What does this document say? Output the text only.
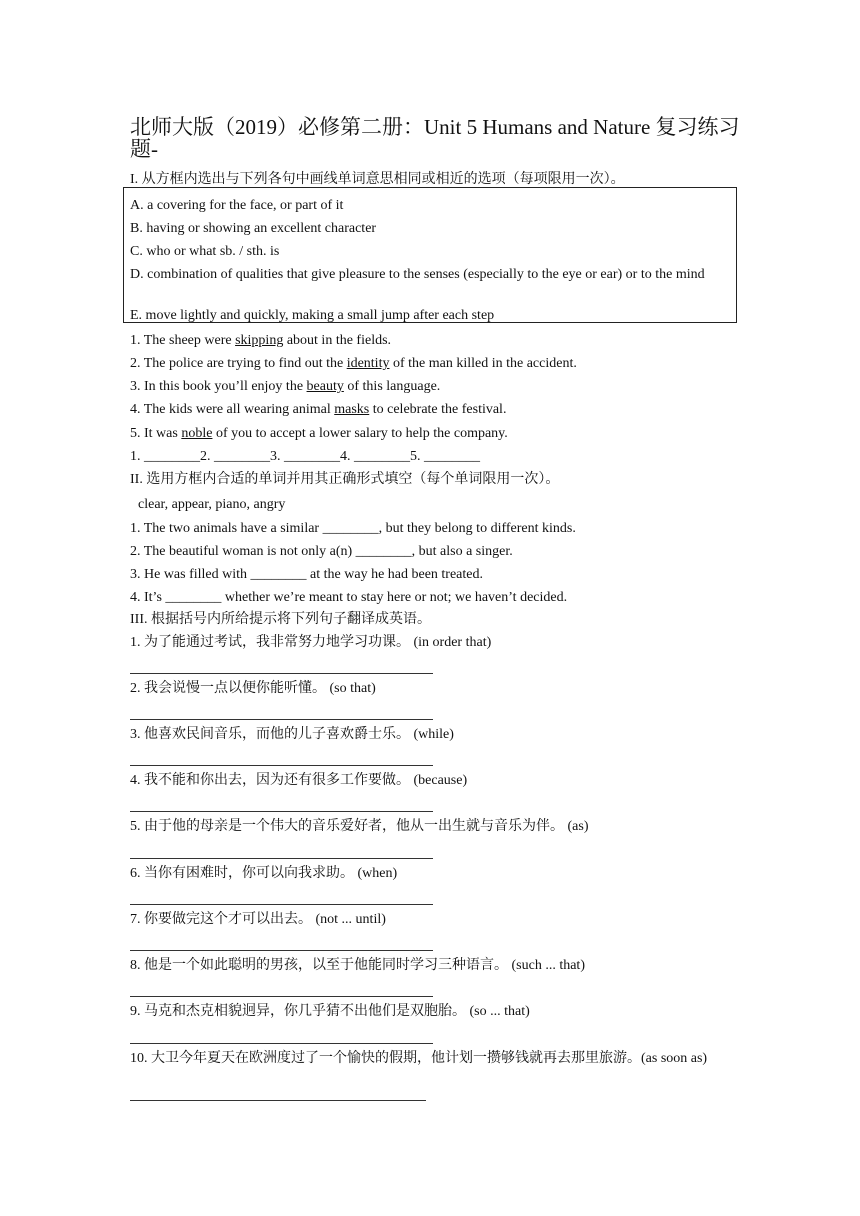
北师大版（2019）必修第二册：Unit 5 Humans and Nature 复习练习题-
I. 从方框内选出与下列各句中画线单词意思相同或相近的选项（每项限用一次）。
A. a covering for the face, or part of it
B. having or showing an excellent character
C. who or what sb. / sth. is
D. combination of qualities that give pleasure to the senses (especially to the eye or ear) or to the mind
E. move lightly and quickly, making a small jump after each step
1. The sheep were skipping about in the fields.
2. The police are trying to find out the identity of the man killed in the accident.
3. In this book you’ll enjoy the beauty of this language.
4. The kids were all wearing animal masks to celebrate the festival.
5. It was noble of you to accept a lower salary to help the company.
1. ________2. ________3. ________4. ________5. ________
II. 选用方框内合适的单词并用其正确形式填空（每个单词限用一次）。
clear, appear, piano, angry
1. The two animals have a similar ________, but they belong to different kinds.
2. The beautiful woman is not only a(n) ________, but also a singer.
3. He was filled with ________ at the way he had been treated.
4. It’s ________ whether we’re meant to stay here or not; we haven’t decided.
III. 根据括号内所给提示将下列句子翻译成英语。
1. 为了能通过考试，我非常努力地学习功课。 (in order that)
2. 我会说慢一点以便你能听懂。 (so that)
3. 他喜欢民间音乐，而他的儿子喜欢爵士乐。 (while)
4. 我不能和你出去，因为还有很多工作要做。 (because)
5. 由于他的母亲是一个伟大的音乐爱好者，他从一出生就与音乐为伴。 (as)
6. 当你有困难时，你可以向我求助。 (when)
7. 你要做完这个才可以出去。 (not ... until)
8. 他是一个如此聪明的男孩，以至于他能同时学习三种语言。 (such ... that)
9. 马克和杰克相貌迥异，你几乎猜不出他们是双胞胎。 (so ... that)
10. 大卫今年夏天在欧洲度过了一个愉快的假期，他计划一攒够钱就再去那里旅游。(as soon as)
